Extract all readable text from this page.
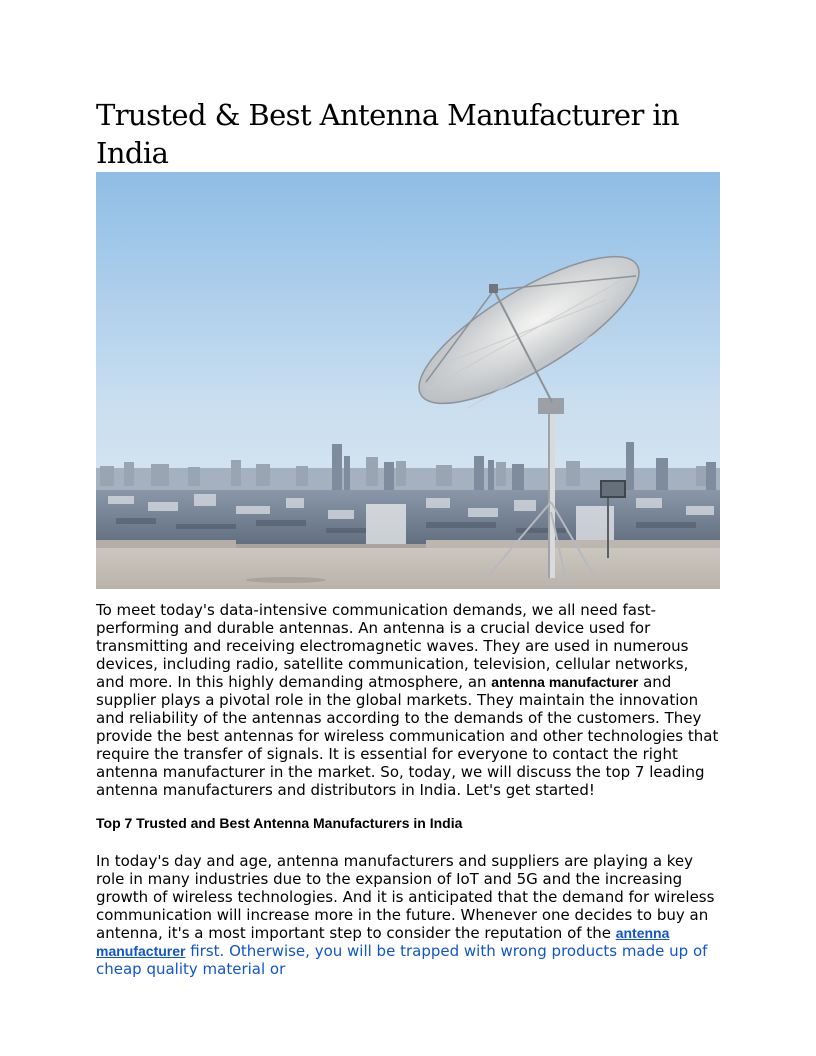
Trusted & Best Antenna Manufacturer in India

To meet today's data-intensive communication demands, we all need fast-performing and durable antennas. An antenna is a crucial device used for transmitting and receiving electromagnetic waves. They are used in numerous devices, including radio, satellite communication, television, cellular networks, and more. In this highly demanding atmosphere, an antenna manufacturer and supplier plays a pivotal role in the global markets. They maintain the innovation and reliability of the antennas according to the demands of the customers. They provide the best antennas for wireless communication and other technologies that require the transfer of signals. It is essential for everyone to contact the right antenna manufacturer in the market. So, today, we will discuss the top 7 leading antenna manufacturers and distributors in India. Let's get started!

Top 7 Trusted and Best Antenna Manufacturers in India

In today's day and age, antenna manufacturers and suppliers are playing a key role in many industries due to the expansion of IoT and 5G and the increasing growth of wireless technologies. And it is anticipated that the demand for wireless communication will increase more in the future. Whenever one decides to buy an antenna, it's a most important step to consider the reputation of the antenna manufacturer first. Otherwise, you will be trapped with wrong products made up of cheap quality material or
